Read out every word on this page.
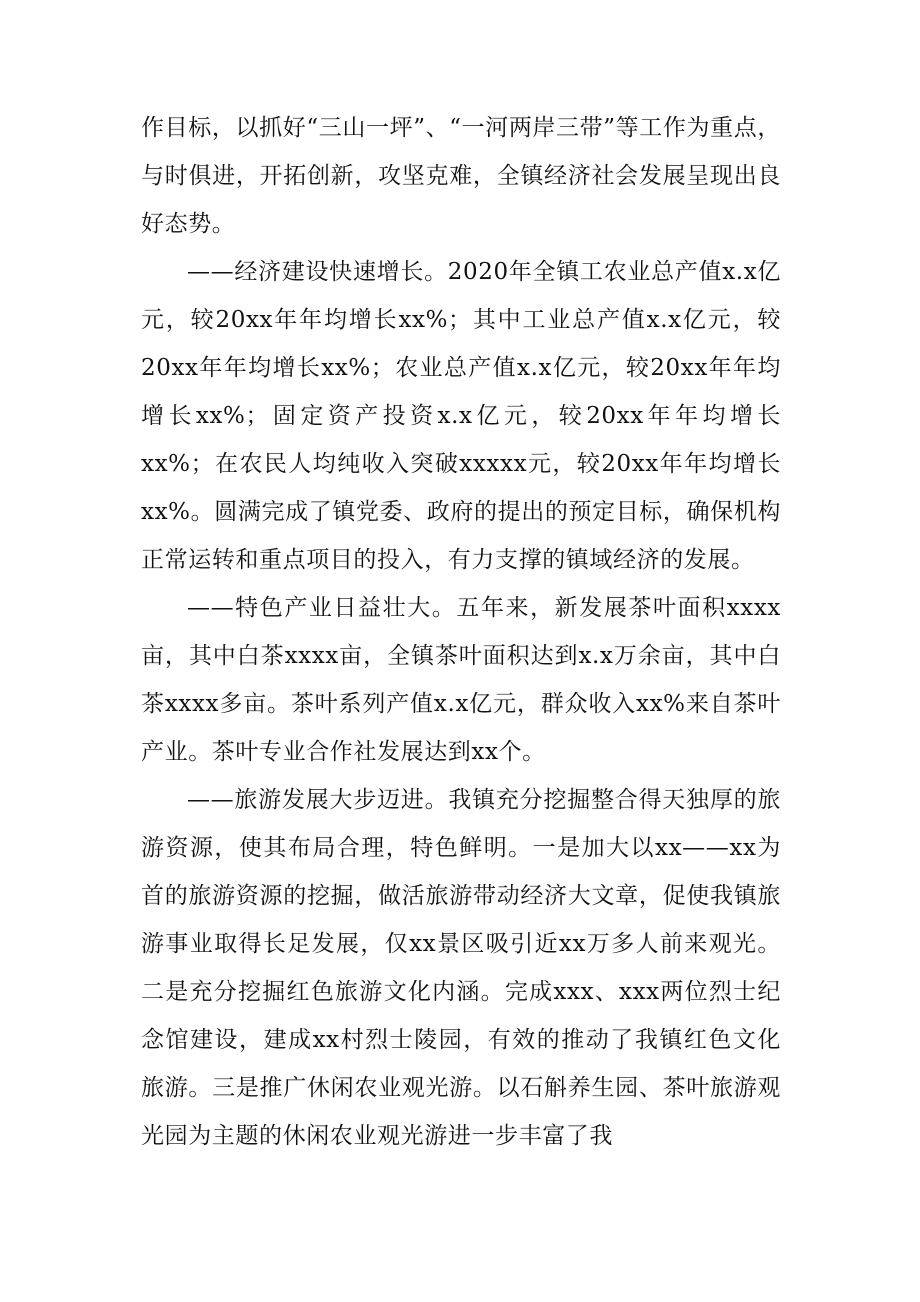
作目标，以抓好“三山一坪”、“一河两岸三带”等工作为重点，与时俱进，开拓创新，攻坚克难，全镇经济社会发展呈现出良好态势。

——经济建设快速增长。2020年全镇工农业总产值x.x亿元，较20xx年年均增长xx%；其中工业总产值x.x亿元，较20xx年年均增长xx%；农业总产值x.x亿元，较20xx年年均增长xx%；固定资产投资x.x亿元，较20xx年年均增长xx%；在农民人均纯收入突破xxxxx元，较20xx年年均增长xx%。圆满完成了镇党委、政府的提出的预定目标，确保机构正常运转和重点项目的投入，有力支撑的镇域经济的发展。

——特色产业日益壮大。五年来，新发展茶叶面积xxxx亩，其中白茶xxxx亩，全镇茶叶面积达到x.x万余亩，其中白茶xxxx多亩。茶叶系列产值x.x亿元，群众收入xx%来自茶叶产业。茶叶专业合作社发展达到xx个。

——旅游发展大步迈进。我镇充分挖掘整合得天独厚的旅游资源，使其布局合理，特色鲜明。一是加大以xx——xx为首的旅游资源的挖掘，做活旅游带动经济大文章，促使我镇旅游事业取得长足发展，仅xx景区吸引近xx万多人前来观光。二是充分挖掘红色旅游文化内涵。完成xxx、xxx两位烈士纪念馆建设，建成xx村烈士陵园，有效的推动了我镇红色文化旅游。三是推广休闲农业观光游。以石斛养生园、茶叶旅游观光园为主题的休闲农业观光游进一步丰富了我
